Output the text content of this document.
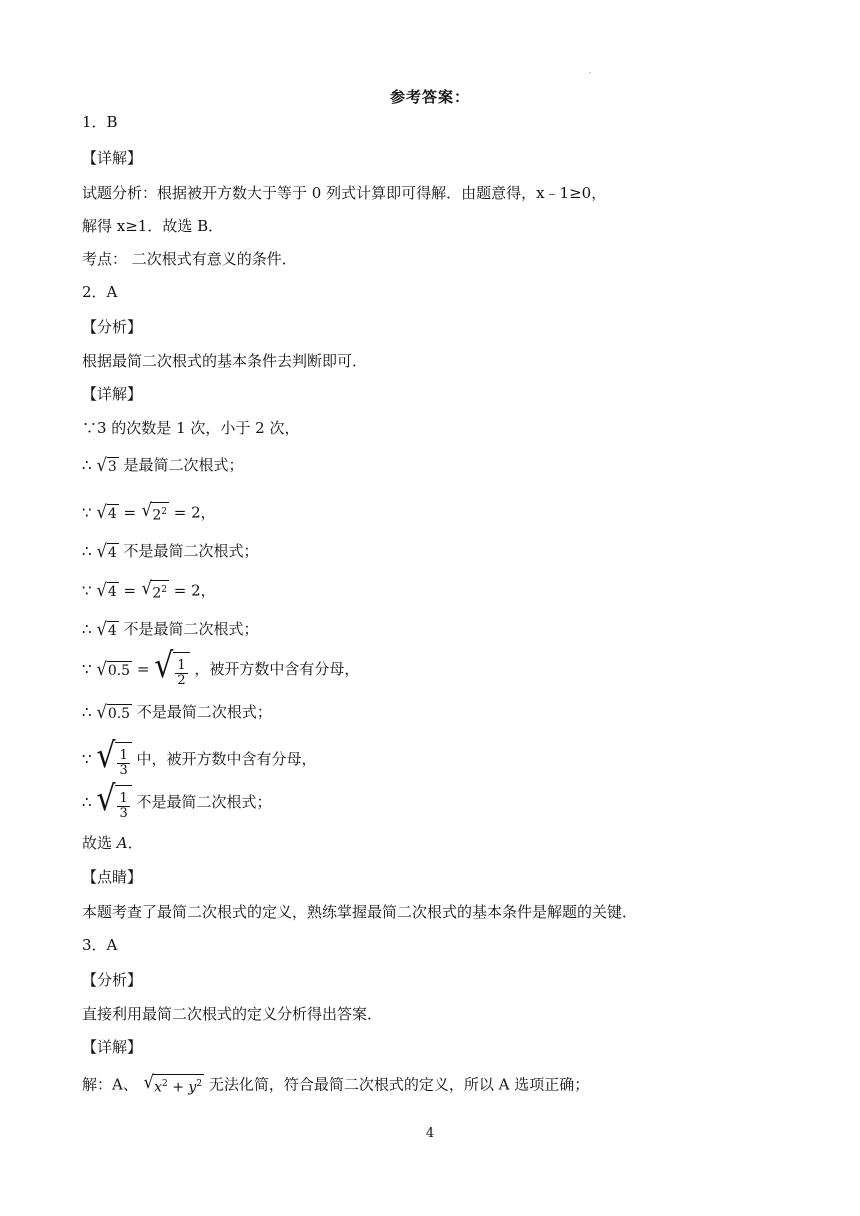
.
参考答案：
1．B
【详解】
试题分析：根据被开方数大于等于 0 列式计算即可得解．由题意得，x﹣1≥0，
解得 x≥1．故选 B．
考点： 二次根式有意义的条件．
2．A
【分析】
根据最简二次根式的基本条件去判断即可．
【详解】
∵3 的次数是 1 次，小于 2 次，
∴ √ 3 是最简二次根式；
∵ √ 4 = √ $2^2 = 2$，
∴ √ 4 不是最简二次根式；
∵ √ 4 = √ $2^2 = 2$，
∴ √ 4 不是最简二次根式；
∵ √ 0.5 = √ $\frac{1}{2}$ ，被开方数中含有分母，
∴ √ 0.5 不是最简二次根式；
∵ √ $\frac{1}{3}$ 中，被开方数中含有分母，
∴ √ $\frac{1}{3}$ 不是最简二次根式；
故选 A．
【点睛】
本题考查了最简二次根式的定义，熟练掌握最简二次根式的基本条件是解题的关键．
3．A
【分析】
直接利用最简二次根式的定义分析得出答案．
【详解】
解：A、 √ $x^2 + y^2$ 无法化简，符合最简二次根式的定义，所以 A 选项正确；
4
